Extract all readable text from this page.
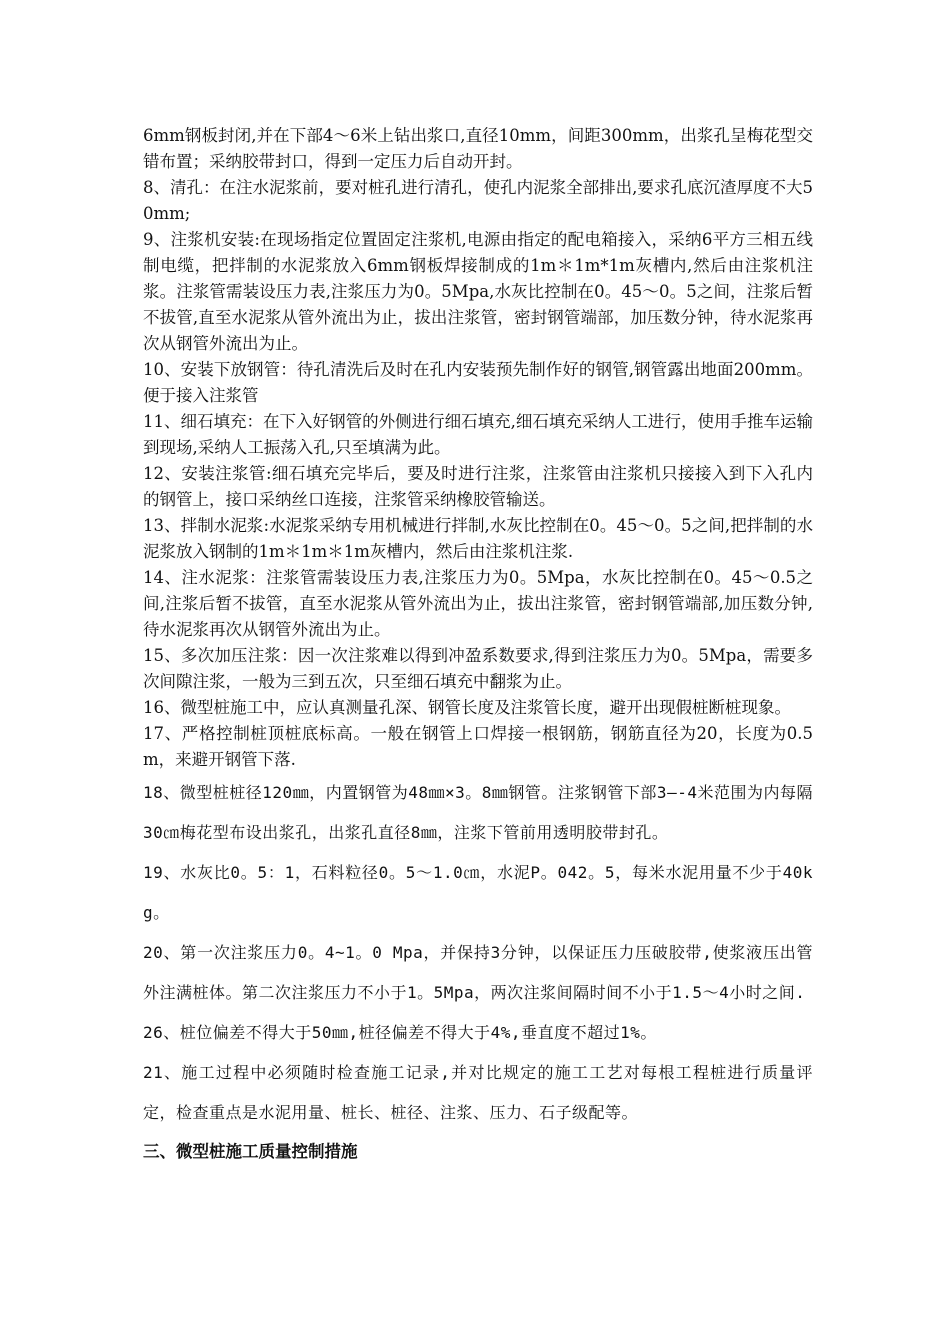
6mm钢板封闭,并在下部4～6米上钻出浆口,直径10mm，间距300mm，出浆孔呈梅花型交错布置；采纳胶带封口，得到一定压力后自动开封。

8、清孔：在注水泥浆前，要对桩孔进行清孔，使孔内泥浆全部排出,要求孔底沉渣厚度不大50mm;

9、注浆机安装:在现场指定位置固定注浆机,电源由指定的配电箱接入，采纳6平方三相五线制电缆，把拌制的水泥浆放入6mm钢板焊接制成的1m＊1m*1m灰槽内,然后由注浆机注浆。注浆管需装设压力表,注浆压力为0。5Mpa,水灰比控制在0。45～0。5之间，注浆后暂不拔管,直至水泥浆从管外流出为止，拔出注浆管，密封钢管端部，加压数分钟，待水泥浆再次从钢管外流出为止。

10、安装下放钢管：待孔清洗后及时在孔内安装预先制作好的钢管,钢管露出地面200mm。便于接入注浆管

11、细石填充：在下入好钢管的外侧进行细石填充,细石填充采纳人工进行，使用手推车运输到现场,采纳人工振荡入孔,只至填满为此。

12、安装注浆管:细石填充完毕后，要及时进行注浆，注浆管由注浆机只接接入到下入孔内的钢管上，接口采纳丝口连接，注浆管采纳橡胶管输送。

13、拌制水泥浆:水泥浆采纳专用机械进行拌制,水灰比控制在0。45～0。5之间,把拌制的水泥浆放入钢制的1m＊1m＊1m灰槽内，然后由注浆机注浆.

14、注水泥浆：注浆管需装设压力表,注浆压力为0。5Mpa，水灰比控制在0。45～0.5之间,注浆后暂不拔管，直至水泥浆从管外流出为止，拔出注浆管，密封钢管端部,加压数分钟,待水泥浆再次从钢管外流出为止。

15、多次加压注浆：因一次注浆难以得到冲盈系数要求,得到注浆压力为0。5Mpa，需要多次间隙注浆，一般为三到五次，只至细石填充中翻浆为止。

16、微型桩施工中，应认真测量孔深、钢管长度及注浆管长度，避开出现假桩断桩现象。

17、严格控制桩顶桩底标高。一般在钢管上口焊接一根钢筋，钢筋直径为20，长度为0.5m，来避开钢管下落.

18、微型桩桩径120㎜，内置钢管为48㎜×3。8㎜钢管。注浆钢管下部3—-4米范围为内每隔30㎝梅花型布设出浆孔，出浆孔直径8㎜，注浆下管前用透明胶带封孔。

19、水灰比0。5：1，石料粒径0。5～1.0㎝，水泥P。042。5，每米水泥用量不少于40kg。

20、第一次注浆压力0。4~1。0 Mpa，并保持3分钟，以保证压力压破胶带,使浆液压出管外注满桩体。第二次注浆压力不小于1。5Mpa，两次注浆间隔时间不小于1.5～4小时之间.

26、桩位偏差不得大于50㎜,桩径偏差不得大于4%,垂直度不超过1%。

21、施工过程中必须随时检查施工记录,并对比规定的施工工艺对每根工程桩进行质量评定，检查重点是水泥用量、桩长、桩径、注浆、压力、石子级配等。

三、微型桩施工质量控制措施
